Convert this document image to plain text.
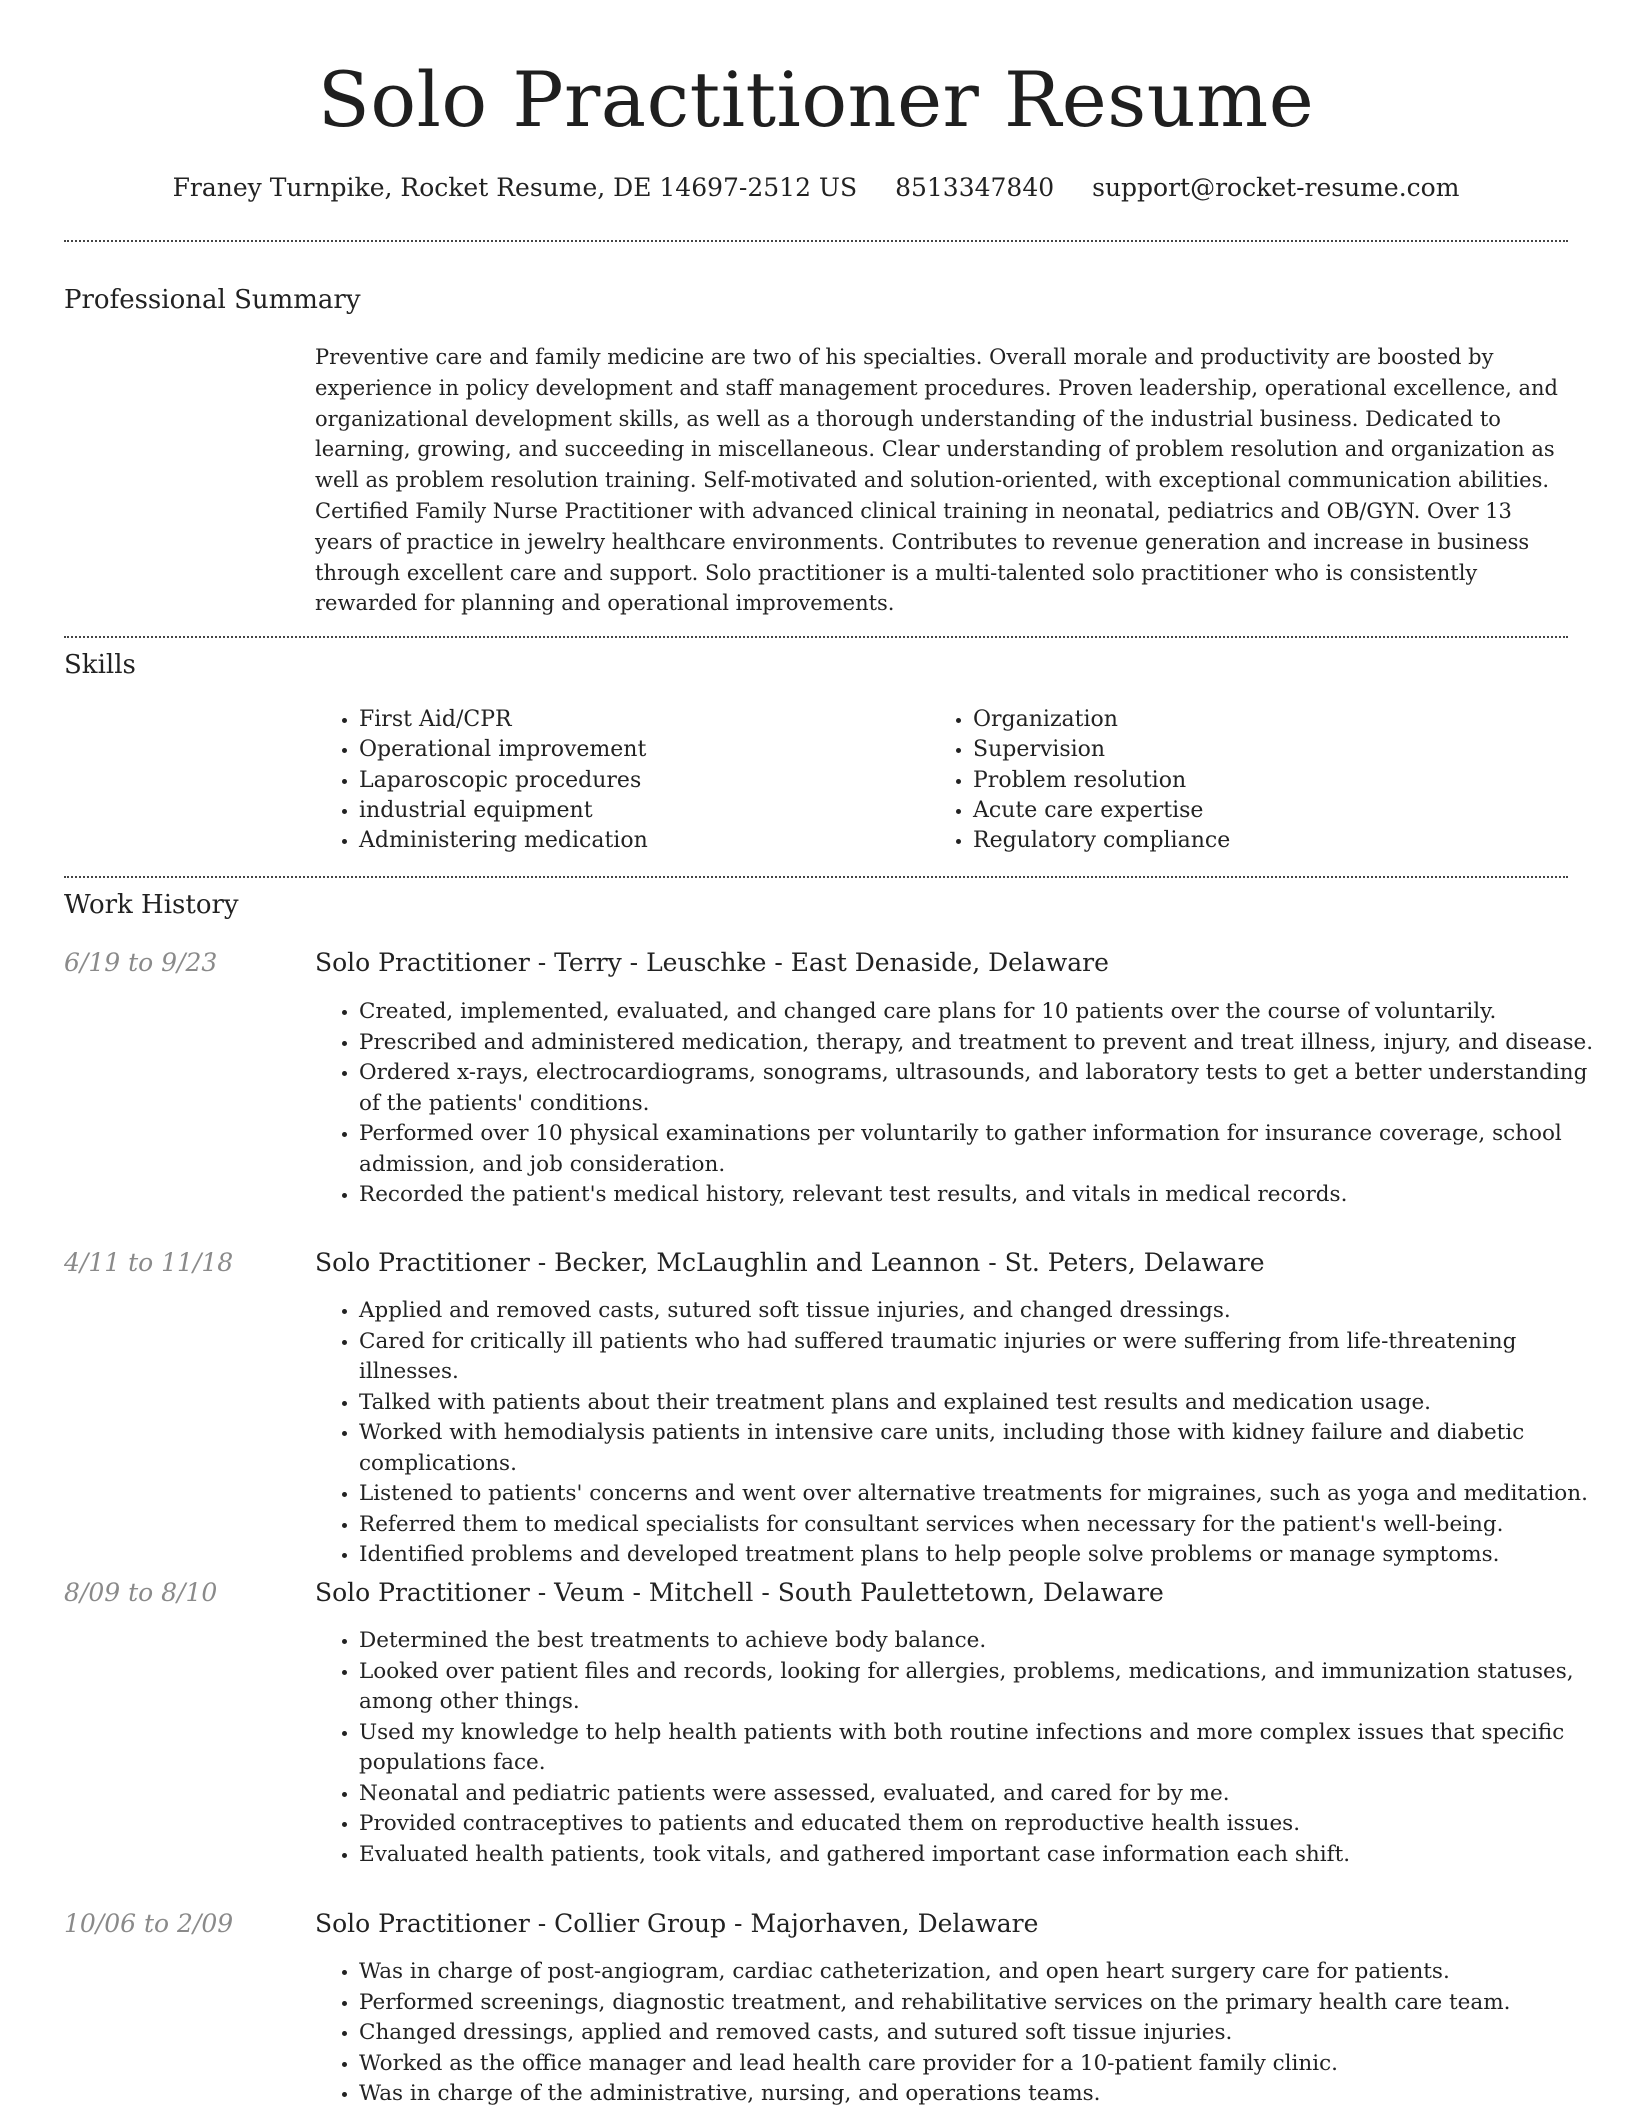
Solo Practitioner Resume
Franey Turnpike, Rocket Resume, DE 14697-2512 US 8513347840 support@rocket-resume.com
Professional Summary

Preventive care and family medicine are two of his specialties. Overall morale and productivity are boosted by experience in policy development and staff management procedures. Proven leadership, operational excellence, and organizational development skills, as well as a thorough understanding of the industrial business. Dedicated to learning, growing, and succeeding in miscellaneous. Clear understanding of problem resolution and organization as well as problem resolution training. Self-motivated and solution-oriented, with exceptional communication abilities. Certified Family Nurse Practitioner with advanced clinical training in neonatal, pediatrics and OB/GYN. Over 13 years of practice in jewelry healthcare environments. Contributes to revenue generation and increase in business through excellent care and support. Solo practitioner is a multi-talented solo practitioner who is consistently rewarded for planning and operational improvements.

Skills
• First Aid/CPR
• Operational improvement
• Laparoscopic procedures
• industrial equipment
• Administering medication
• Organization
• Supervision
• Problem resolution
• Acute care expertise
• Regulatory compliance
Work History
6/19 to 9/23	Solo Practitioner - Terry - Leuschke - East Denaside, Delaware
• Created, implemented, evaluated, and changed care plans for 10 patients over the course of voluntarily.
• Prescribed and administered medication, therapy, and treatment to prevent and treat illness, injury, and disease.
• Ordered x-rays, electrocardiograms, sonograms, ultrasounds, and laboratory tests to get a better understanding of the patients' conditions.
• Performed over 10 physical examinations per voluntarily to gather information for insurance coverage, school admission, and job consideration.
• Recorded the patient's medical history, relevant test results, and vitals in medical records.
4/11 to 11/18	Solo Practitioner - Becker, McLaughlin and Leannon - St. Peters, Delaware
• Applied and removed casts, sutured soft tissue injuries, and changed dressings.
• Cared for critically ill patients who had suffered traumatic injuries or were suffering from life-threatening illnesses.
• Talked with patients about their treatment plans and explained test results and medication usage.
• Worked with hemodialysis patients in intensive care units, including those with kidney failure and diabetic complications.
• Listened to patients' concerns and went over alternative treatments for migraines, such as yoga and meditation.
• Referred them to medical specialists for consultant services when necessary for the patient's well-being.
• Identified problems and developed treatment plans to help people solve problems or manage symptoms.
8/09 to 8/10	Solo Practitioner - Veum - Mitchell - South Paulettetown, Delaware
• Determined the best treatments to achieve body balance.
• Looked over patient files and records, looking for allergies, problems, medications, and immunization statuses, among other things.
• Used my knowledge to help health patients with both routine infections and more complex issues that specific populations face.
• Neonatal and pediatric patients were assessed, evaluated, and cared for by me.
• Provided contraceptives to patients and educated them on reproductive health issues.
• Evaluated health patients, took vitals, and gathered important case information each shift.
10/06 to 2/09	Solo Practitioner - Collier Group - Majorhaven, Delaware
• Was in charge of post-angiogram, cardiac catheterization, and open heart surgery care for patients.
• Performed screenings, diagnostic treatment, and rehabilitative services on the primary health care team.
• Changed dressings, applied and removed casts, and sutured soft tissue injuries.
• Worked as the office manager and lead health care provider for a 10-patient family clinic.
• Was in charge of the administrative, nursing, and operations teams.
